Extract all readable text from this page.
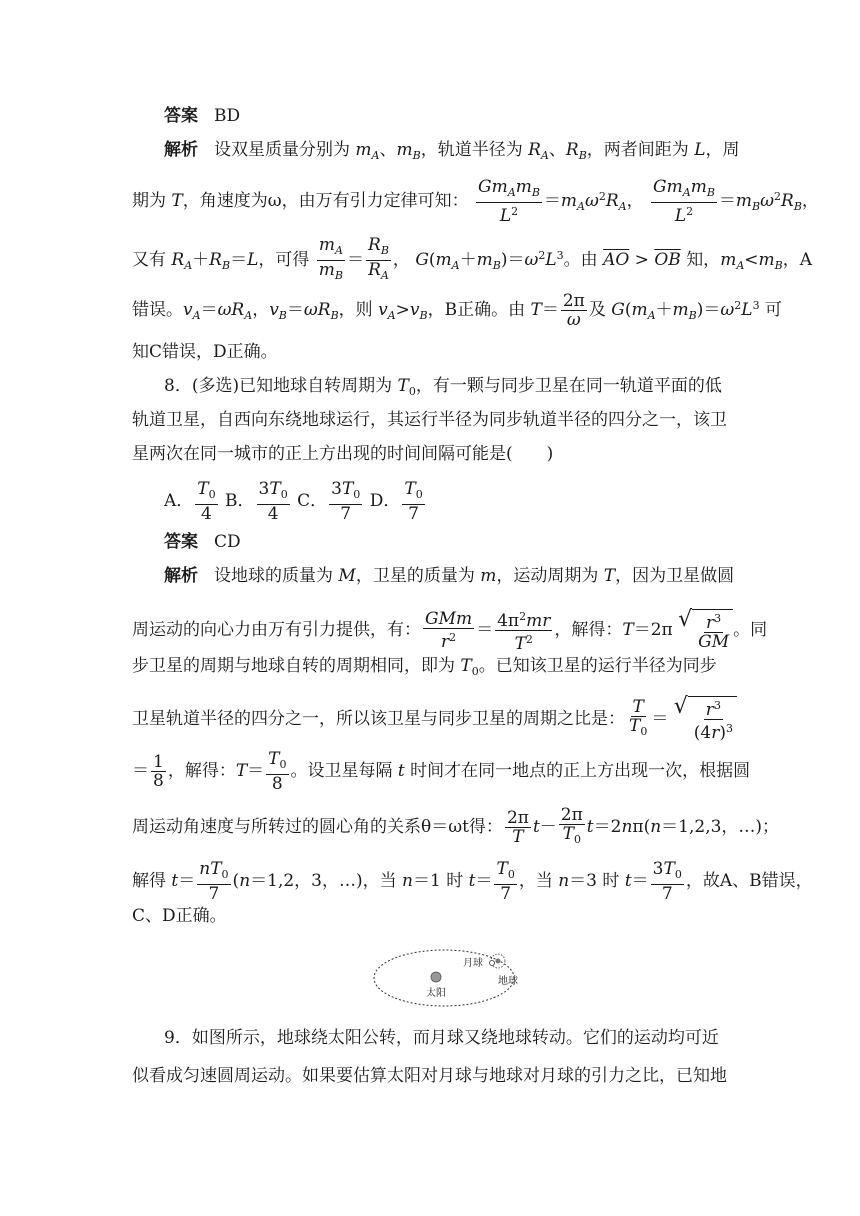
答案 BD
解析 设双星质量分别为 $m_A$、$m_B$，轨道半径为 $R_A$、$R_B$，两者间距为 L，周
期为 T，角速度为ω，由万有引力定律可知： $\frac{Gm_Am_B}{L^2} =m_A\omega^2R_A$， $\frac{Gm_Am_B}{L^2} =m_B\omega^2R_B$，
又有 $R_A+R_B=L$，可得 $\frac{m_A}{m_B} = \frac{R_B}{R_A}$ ， $G(m_A+m_B)=\omega^2L^3$。由 $\overline{AO} > \overline{OB}$ 知，$m_A<m_B$，A
错误。$v_A=\omega R_A$，$v_B=\omega R_B$，则 $v_A>v_B$，B正确。由 $T= \frac{2\pi}{\omega}$ 及 $G(m_A+m_B)=\omega^2L^3$ 可
知C错误，D正确。
8．(多选)已知地球自转周期为 $T_0$，有一颗与同步卫星在同一轨道平面的低
轨道卫星，自西向东绕地球运行，其运行半径为同步轨道半径的四分之一，该卫
星两次在同一城市的正上方出现的时间间隔可能是(　　)
A． $\frac{T_0}{4}$ B． $\frac{3T_0}{4}$ C． $\frac{3T_0}{7}$ D． $\frac{T_0}{7}$
答案 CD
解析 设地球的质量为 M，卫星的质量为 m，运动周期为 T，因为卫星做圆
周运动的向心力由万有引力提供，有： $\frac{\text{GMm}}{r^2} = \frac{4\pi^2mr}{T^2}$ ，解得：T＝2π √ $\frac{r^3}{GM}$ 。同
步卫星的周期与地球自转的周期相同，即为 $T_0$。已知该卫星的运行半径为同步
卫星轨道半径的四分之一，所以该卫星与同步卫星的周期之比是： $\frac{T}{T_0}$ ＝ √ $\frac{r^3}{(4r)^3}$
＝ $\frac{1}{8}$ ，解得：$T= \frac{T_0}{8}$ 。设卫星每隔 t 时间才在同一地点的正上方出现一次，根据圆
周运动角速度与所转过的圆心角的关系θ＝ωt得： $\frac{2\pi}{T} t- \frac{2\pi}{T_0} t=2n\pi(n=1,2,3$，…)；
解得 $t= \frac{nT_0}{7} (n=1,2$，3，…)，当 n＝1 时 $t= \frac{T_0}{7}$ ，当 n＝3 时 $t= \frac{3T_0}{7}$ ，故A、B错误，
C、D正确。
太阳
月球
地球
9．如图所示，地球绕太阳公转，而月球又绕地球转动。它们的运动均可近
似看成匀速圆周运动。如果要估算太阳对月球与地球对月球的引力之比，已知地
